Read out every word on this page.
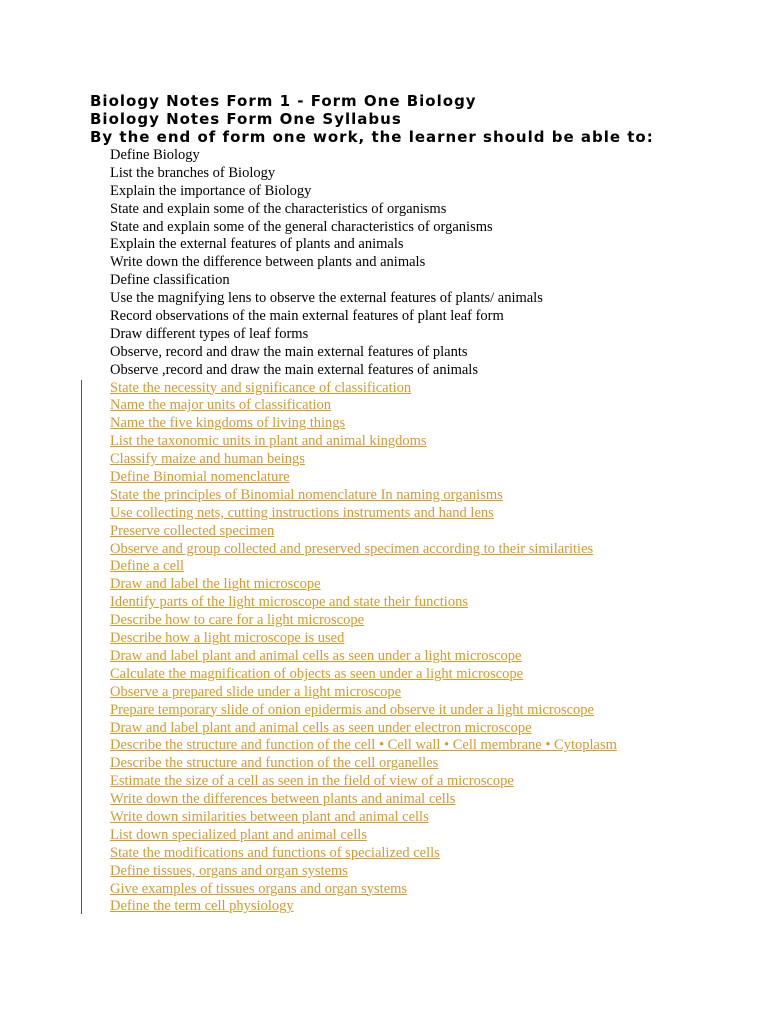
Biology Notes Form 1 - Form One Biology
Biology Notes Form One Syllabus
By the end of form one work, the learner should be able to:
Define Biology
List the branches of Biology
Explain the importance of Biology
State and explain some of the characteristics of organisms
State and explain some of the general characteristics of organisms
Explain the external features of plants and animals
Write down the difference between plants and animals
Define classification
Use the magnifying lens to observe the external features of plants/ animals
Record observations of the main external features of plant leaf form
Draw different types of leaf forms
Observe, record and draw the main external features of plants
Observe ,record and draw the main external features of animals
State the necessity and significance of classification
Name the major units of classification
Name the five kingdoms of living things
List the taxonomic units in plant and animal kingdoms
Classify maize and human beings
Define Binomial nomenclature
State the principles of Binomial nomenclature In naming organisms
Use collecting nets, cutting instructions instruments and hand lens
Preserve collected specimen
Observe and group collected and preserved specimen according to their similarities
Define a cell
Draw and label the light microscope
Identify parts of the light microscope and state their functions
Describe how to care for a light microscope
Describe how a light microscope is used
Draw and label plant and animal cells as seen under a light microscope
Calculate the magnification of objects as seen under a light microscope
Observe a prepared slide under a light microscope
Prepare temporary slide of onion epidermis and observe it under a light microscope
Draw and label plant and animal cells as seen under electron microscope
Describe the structure and function of the cell • Cell wall • Cell membrane • Cytoplasm
Describe the structure and function of the cell organelles
Estimate the size of a cell as seen in the field of view of a microscope
Write down the differences between plants and animal cells
Write down similarities between plant and animal cells
List down specialized plant and animal cells
State the modifications and functions of specialized cells
Define tissues, organs and organ systems
Give examples of tissues organs and organ systems
Define the term cell physiology
